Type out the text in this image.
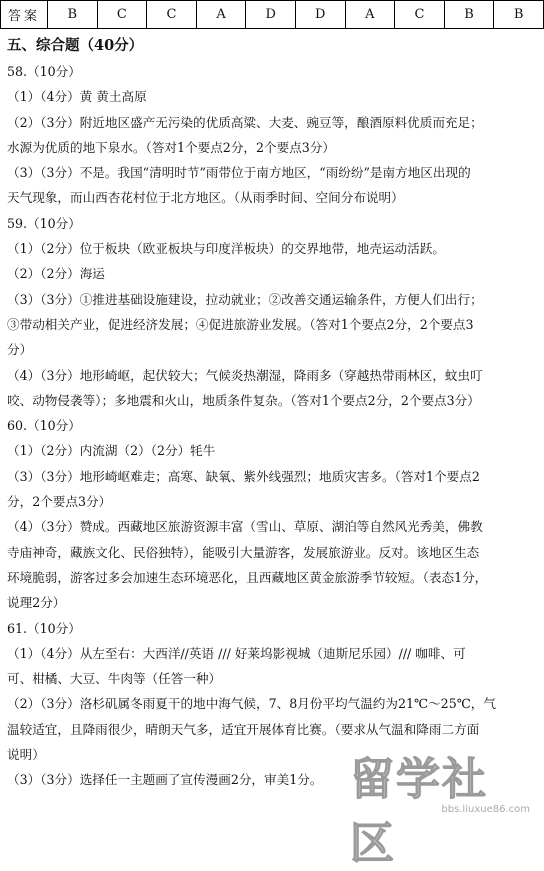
答案	B	C	C	A	D	D	A	C	B	B
五、综合题（40分）
58.（10分）
（1）（4分）黄 黄土高原
（2）（3分）附近地区盛产无污染的优质高粱、大麦、豌豆等，酿酒原料优质而充足；
水源为优质的地下泉水。（答对1个要点2分，2个要点3分）
（3）（3分）不是。我国“清明时节”雨带位于南方地区，“雨纷纷”是南方地区出现的
天气现象，而山西杏花村位于北方地区。（从雨季时间、空间分布说明）
59.（10分）
（1）（2分）位于板块（欧亚板块与印度洋板块）的交界地带，地壳运动活跃。
（2）（2分）海运
（3）（3分）①推进基础设施建设，拉动就业；②改善交通运输条件，方便人们出行；
③带动相关产业，促进经济发展；④促进旅游业发展。（答对1个要点2分，2个要点3
分）
（4）（3分）地形崎岖，起伏较大；气候炎热潮湿，降雨多（穿越热带雨林区，蚊虫叮
咬、动物侵袭等）；多地震和火山，地质条件复杂。（答对1个要点2分，2个要点3分）
60.（10分）
（1）（2分）内流湖（2）（2分）牦牛
（3）（3分）地形崎岖难走；高寒、缺氧、紫外线强烈；地质灾害多。（答对1个要点2
分，2个要点3分）
（4）（3分）赞成。西藏地区旅游资源丰富（雪山、草原、湖泊等自然风光秀美，佛教
寺庙神奇，藏族文化、民俗独特），能吸引大量游客，发展旅游业。反对。该地区生态
环境脆弱，游客过多会加速生态环境恶化，且西藏地区黄金旅游季节较短。（表态1分，
说理2分）
61.（10分）
（1）（4分）从左至右：大西洋//英语 /// 好莱坞影视城（迪斯尼乐园）/// 咖啡、可
可、柑橘、大豆、牛肉等（任答一种）
（2）（3分）洛杉矶属冬雨夏干的地中海气候，7、8月份平均气温约为21℃～25℃，气
温较适宜，且降雨很少，晴朗天气多，适宜开展体育比赛。（要求从气温和降雨二方面
说明）
（3）（3分）选择任一主题画了宣传漫画2分，审美1分。 留学社区
bbs.liuxue86.com
